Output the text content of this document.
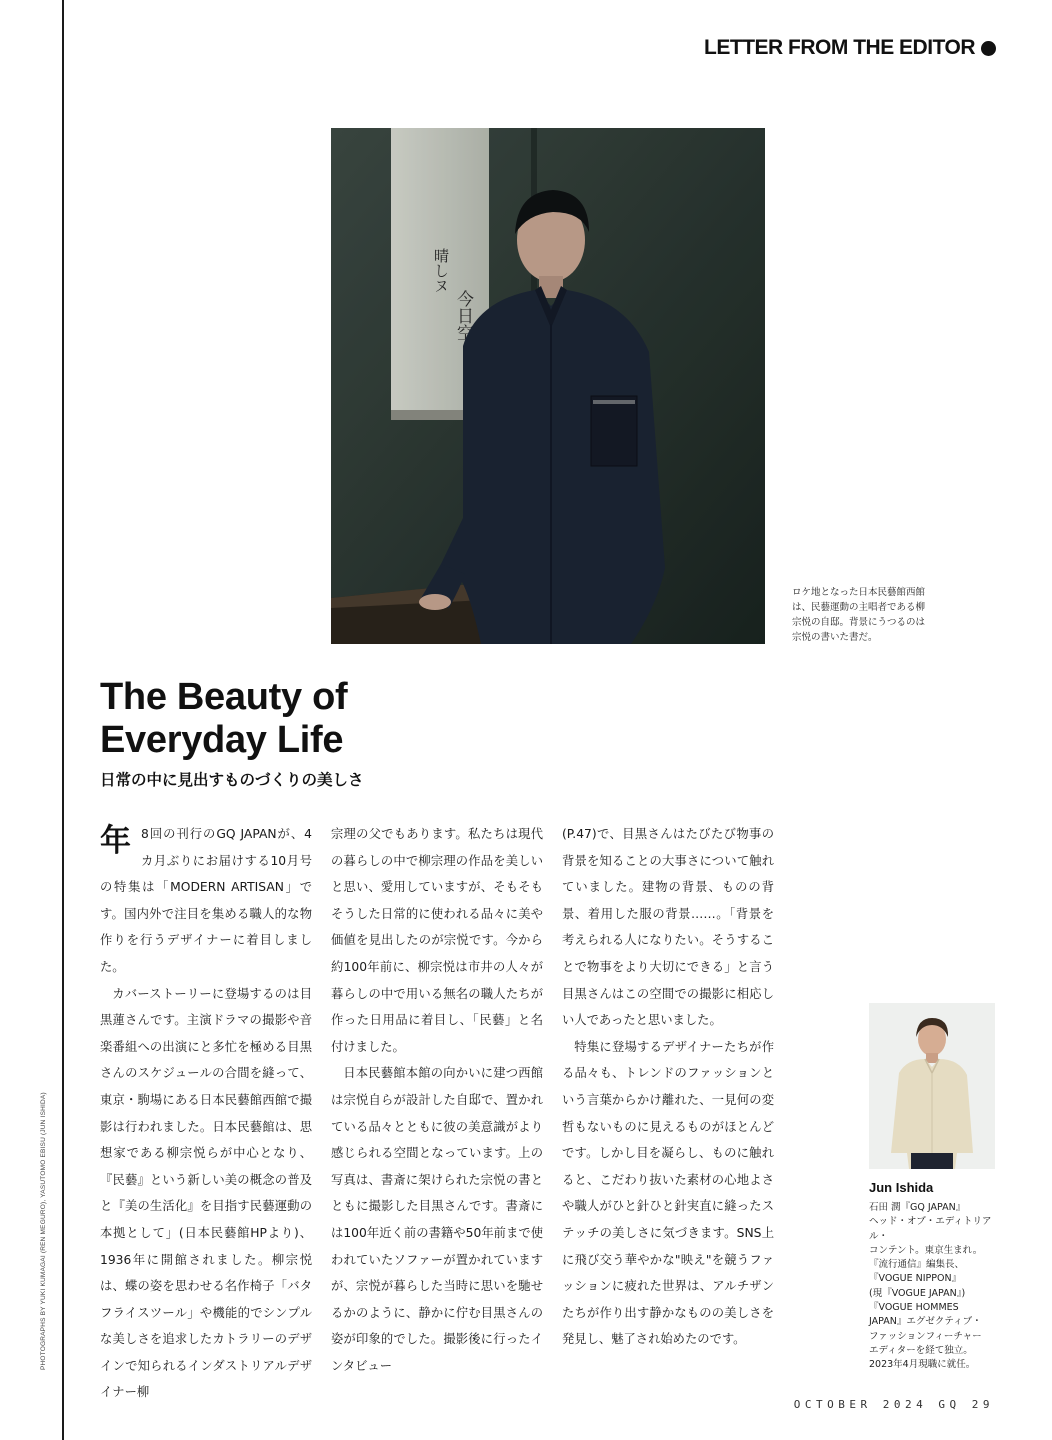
LETTER FROM THE EDITOR
今日空
晴しヌ
ロケ地となった日本民藝館西館は、民藝運動の主唱者である柳宗悦の自邸。背景にうつるのは宗悦の書いた書だ。
The Beauty of
Everyday Life
日常の中に見出すものづくりの美しさ

年 8回の刊行のGQ JAPANが、4カ月ぶりにお届けする10月号の特集は「MODERN ARTISAN」です。国内外で注目を集める職人的な物作りを行うデザイナーに着目しました。

カバーストーリーに登場するのは目黒蓮さんです。主演ドラマの撮影や音楽番組への出演にと多忙を極める目黒さんのスケジュールの合間を縫って、東京・駒場にある日本民藝館西館で撮影は行われました。日本民藝館は、思想家である柳宗悦らが中心となり、『民藝』という新しい美の概念の普及と『美の生活化』を目指す民藝運動の本拠として」(日本民藝館HPより)、1936年に開館されました。柳宗悦は、蝶の姿を思わせる名作椅子「バタフライスツール」や機能的でシンプルな美しさを追求したカトラリーのデザインで知られるインダストリアルデザイナー柳

宗理の父でもあります。私たちは現代の暮らしの中で柳宗理の作品を美しいと思い、愛用していますが、そもそもそうした日常的に使われる品々に美や価値を見出したのが宗悦です。今から約100年前に、柳宗悦は市井の人々が暮らしの中で用いる無名の職人たちが作った日用品に着目し、「民藝」と名付けました。

日本民藝館本館の向かいに建つ西館は宗悦自らが設計した自邸で、置かれている品々とともに彼の美意識がより感じられる空間となっています。上の写真は、書斎に架けられた宗悦の書とともに撮影した目黒さんです。書斎には100年近く前の書籍や50年前まで使われていたソファーが置かれていますが、宗悦が暮らした当時に思いを馳せるかのように、静かに佇む目黒さんの姿が印象的でした。撮影後に行ったインタビュー

(P.47)で、目黒さんはたびたび物事の背景を知ることの大事さについて触れていました。建物の背景、ものの背景、着用した服の背景……。「背景を考えられる人になりたい。そうすることで物事をより大切にできる」と言う目黒さんはこの空間での撮影に相応しい人であったと思いました。

特集に登場するデザイナーたちが作る品々も、トレンドのファッションという言葉からかけ離れた、一見何の変哲もないものに見えるものがほとんどです。しかし目を凝らし、ものに触れると、こだわり抜いた素材の心地よさや職人がひと針ひと針実直に縫ったステッチの美しさに気づきます。SNS上に飛び交う華やかな"映え"を競うファッションに疲れた世界は、アルチザンたちが作り出す静かなものの美しさを発見し、魅了され始めたのです。

Jun Ishida
石田 潤『GQ JAPAN』
ヘッド・オブ・エディトリアル・
コンテント。東京生まれ。
『流行通信』編集長、
『VOGUE NIPPON』
(現『VOGUE JAPAN』)
『VOGUE HOMMES
JAPAN』エグゼクティブ・
ファッションフィーチャー
エディターを経て独立。
2023年4月現職に就任。
PHOTOGRAPHS BY YUKI KUMAGAI (REN MEGURO), YASUTOMO EBISU (JUN ISHIDA)
OCTOBER 2024 GQ 29
